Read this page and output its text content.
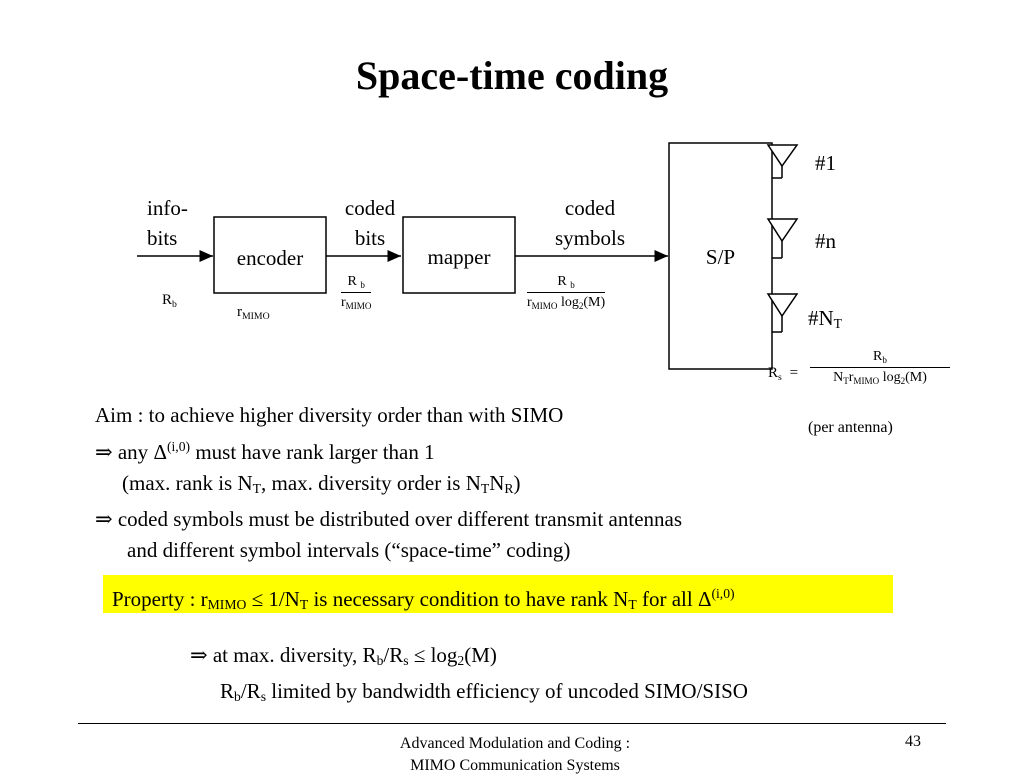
Space-time coding
info-
bits
$R_b$
encoder
$r_{MIMO}$
coded
bits
R $_b$
$r_{MIMO}$
mapper
coded
symbols
R $_b$
$r_{MIMO}$ $\log_2(M)$
S/P
#1
#n
$\#N_T$
$R_s$ =
$R_b$
$N_Tr_{MIMO}$ $\log_2(M)$
(per antenna)
Aim : to achieve higher diversity order than with SIMO
⇒ any Δ$^{(i,0)}$ must have rank larger than 1
(max. rank is $N_T$, max. diversity order is $N_TN_R$)
⇒ coded symbols must be distributed over different transmit antennas
and different symbol intervals (“space-time” coding)
Property : $r_{MIMO} \le 1/N_T$ is necessary condition to have rank $N_T$ for all Δ$^{(i,0)}$
⇒ at max. diversity, $R_b/R_s \le \log_2(M)$
$R_b/R_s$ limited by bandwidth efficiency of uncoded SIMO/SISO
Advanced Modulation and Coding :
MIMO Communication Systems
43
